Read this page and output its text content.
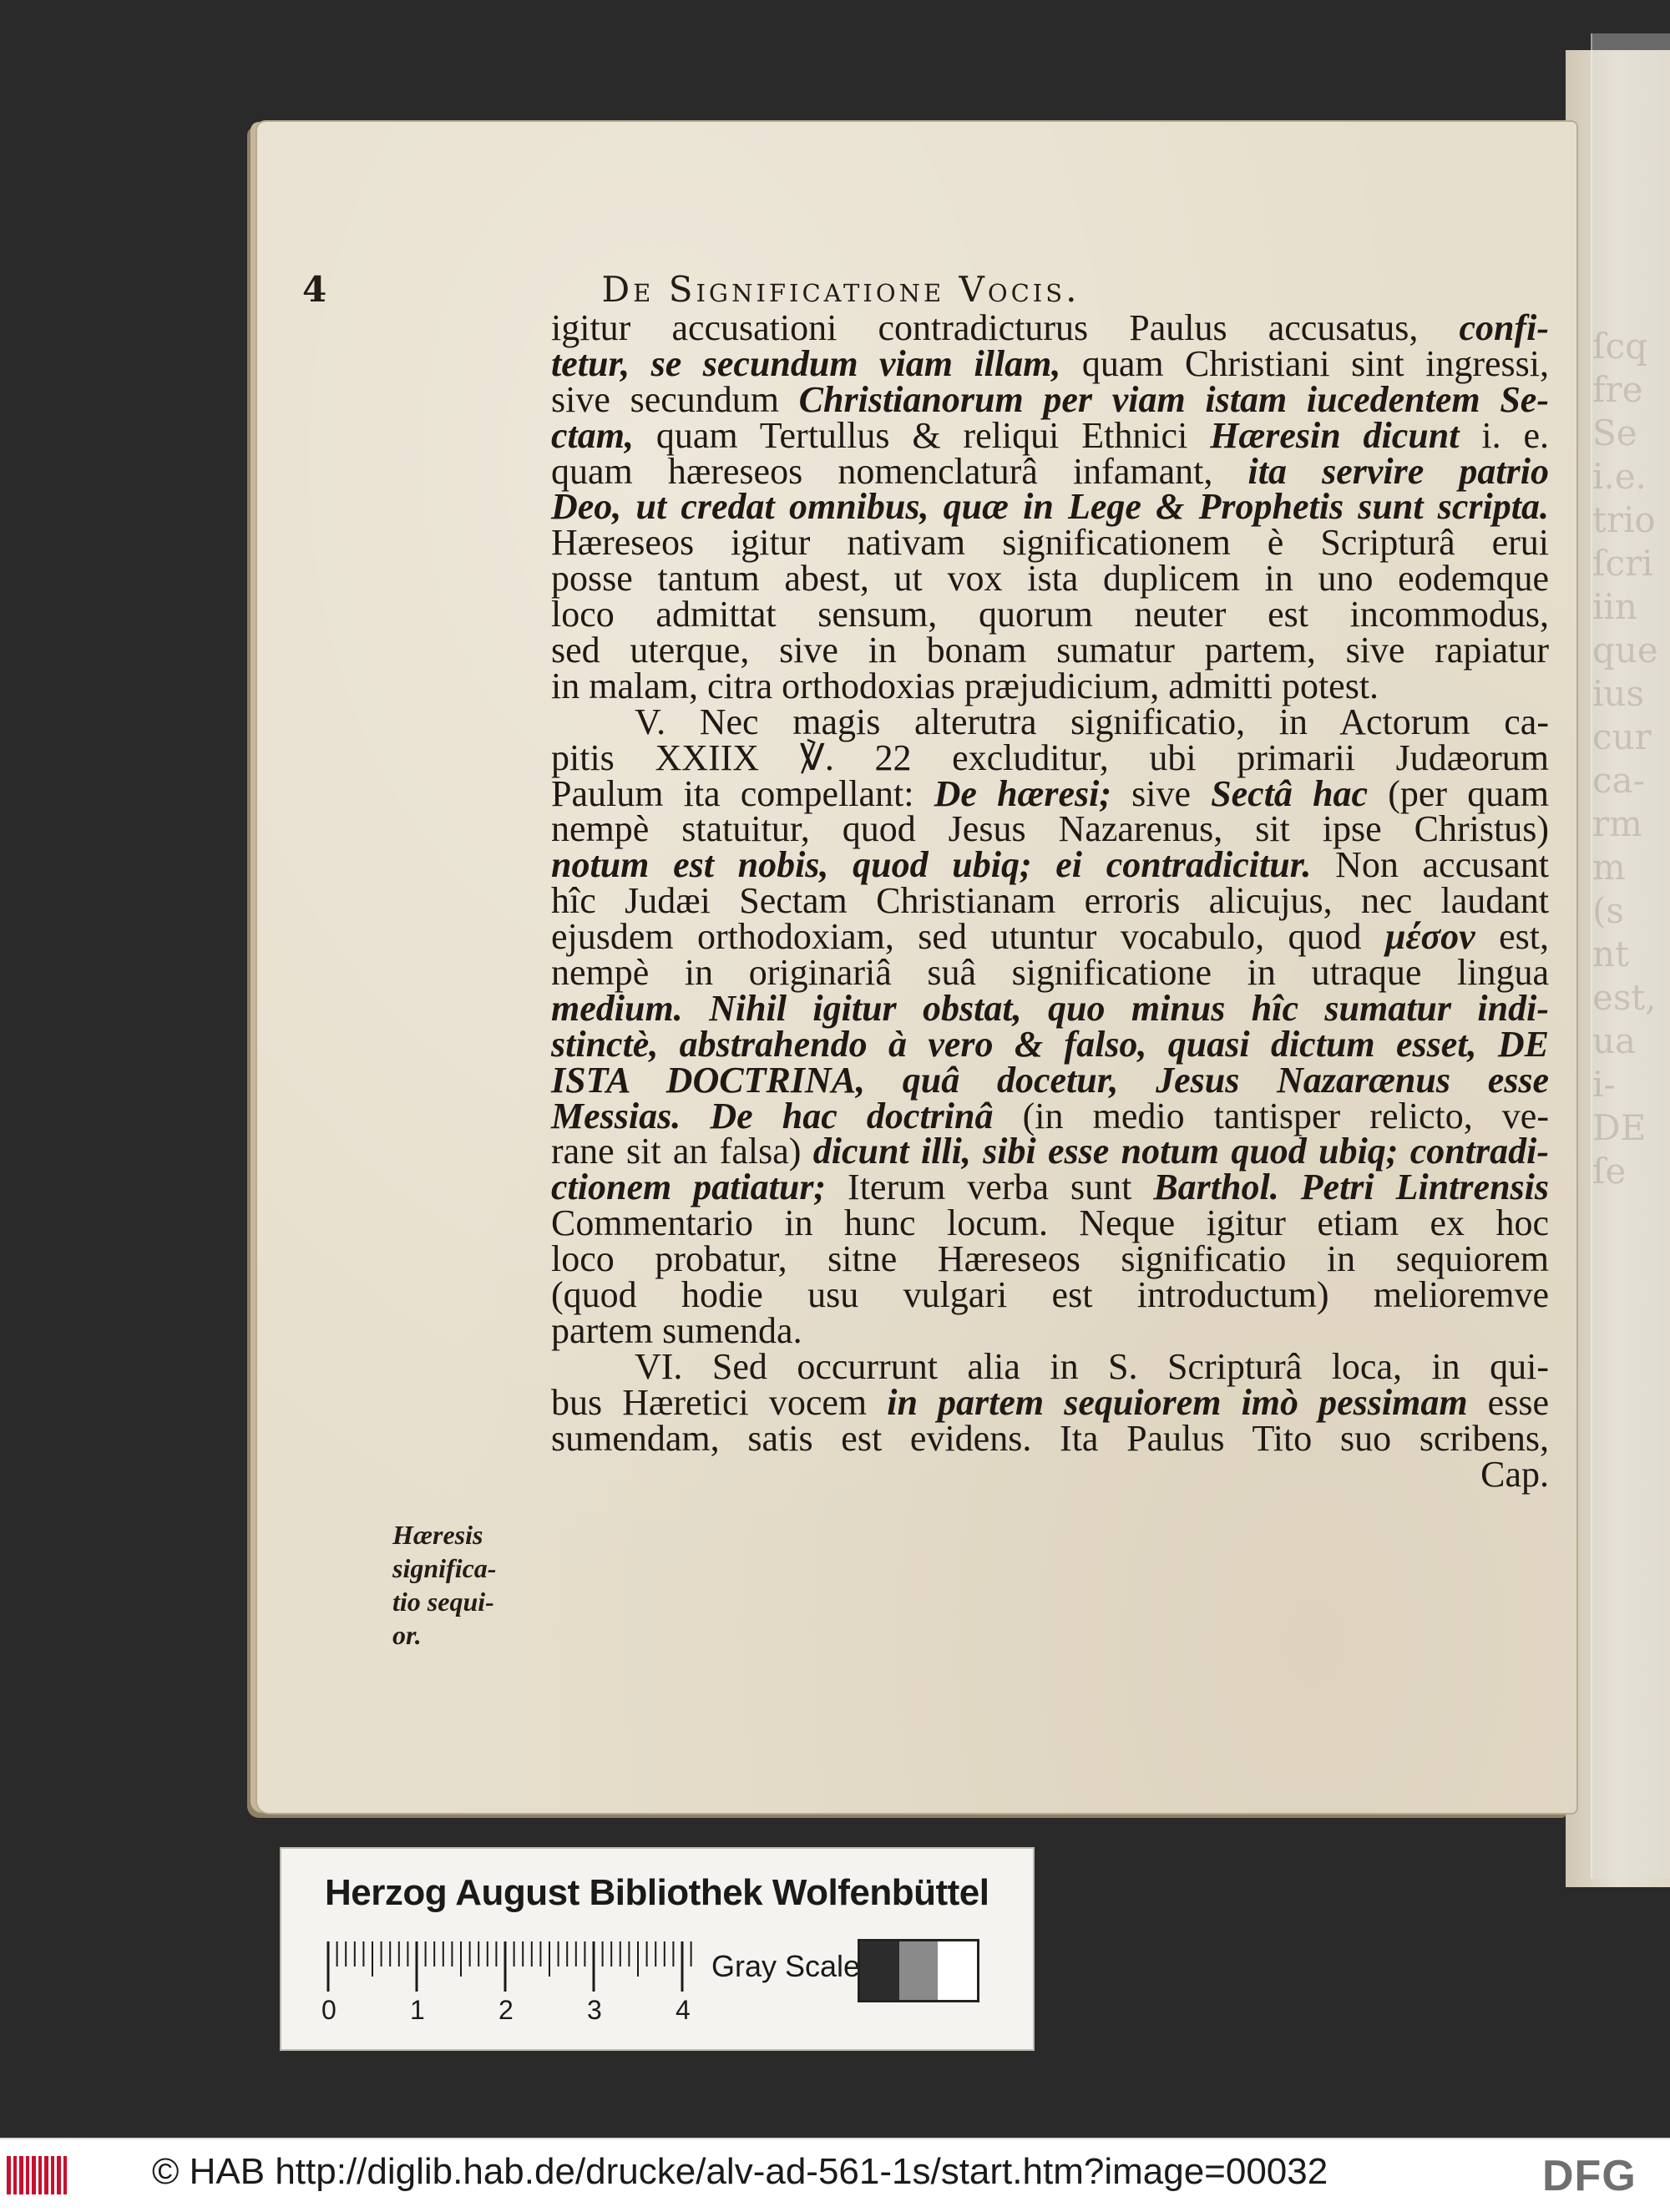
ſcq
fre
Se
i.e.
trio
ſcri
iin
que
ius
cur
ca-
rm
m
(s
nt
est,
ua
i-
DE
ſe
4	De Significatione Vocis.
igitur accusationi contradicturus Paulus accusatus, confi-
tetur, se secundum viam illam, quam Christiani sint ingressi,
sive secundum Christianorum per viam istam iucedentem Se-
ctam, quam Tertullus & reliqui Ethnici Hæresin dicunt i. e.
quam hæreseos nomenclaturâ infamant, ita servire patrio
Deo, ut credat omnibus, quæ in Lege & Prophetis sunt scripta.
Hæreseos igitur nativam significationem è Scripturâ erui
posse tantum abest, ut vox ista duplicem in uno eodemque
loco admittat sensum, quorum neuter est incommodus,
sed uterque, sive in bonam sumatur partem, sive rapiatur
in malam, citra orthodoxias præjudicium, admitti potest.
V. Nec magis alterutra significatio, in Actorum ca-
pitis XXIIX ℣. 22 excluditur, ubi primarii Judæorum
Paulum ita compellant: De hæresi; sive Sectâ hac (per quam
nempè statuitur, quod Jesus Nazarenus, sit ipse Christus)
notum est nobis, quod ubiq; ei contradicitur. Non accusant
hîc Judæi Sectam Christianam erroris alicujus, nec laudant
ejusdem orthodoxiam, sed utuntur vocabulo, quod μέσον est,
nempè in originariâ suâ significatione in utraque lingua
medium. Nihil igitur obstat, quo minus hîc sumatur indi-
stinctè, abstrahendo à vero & falso, quasi dictum esset, DE
ISTA DOCTRINA, quâ docetur, Jesus Nazarænus esse
Messias. De hac doctrinâ (in medio tantisper relicto, ve-
rane sit an falsa) dicunt illi, sibi esse notum quod ubiq; contradi-
ctionem patiatur; Iterum verba sunt Barthol. Petri Lintrensis
Commentario in hunc locum. Neque igitur etiam ex hoc
loco probatur, sitne Hæreseos significatio in sequiorem
(quod hodie usu vulgari est introductum) melioremve
partem sumenda.
VI. Sed occurrunt alia in S. Scripturâ loca, in qui-
bus Hæretici vocem in partem sequiorem imò pessimam esse
sumendam, satis est evidens. Ita Paulus Tito suo scribens,
Cap.
Hæresis
significa-
tio sequi-
or.
Herzog August Bibliothek Wolfenbüttel
0	1	2	3	4
Gray Scale
© HAB http://diglib.hab.de/drucke/alv-ad-561-1s/start.htm?image=00032	DFG
